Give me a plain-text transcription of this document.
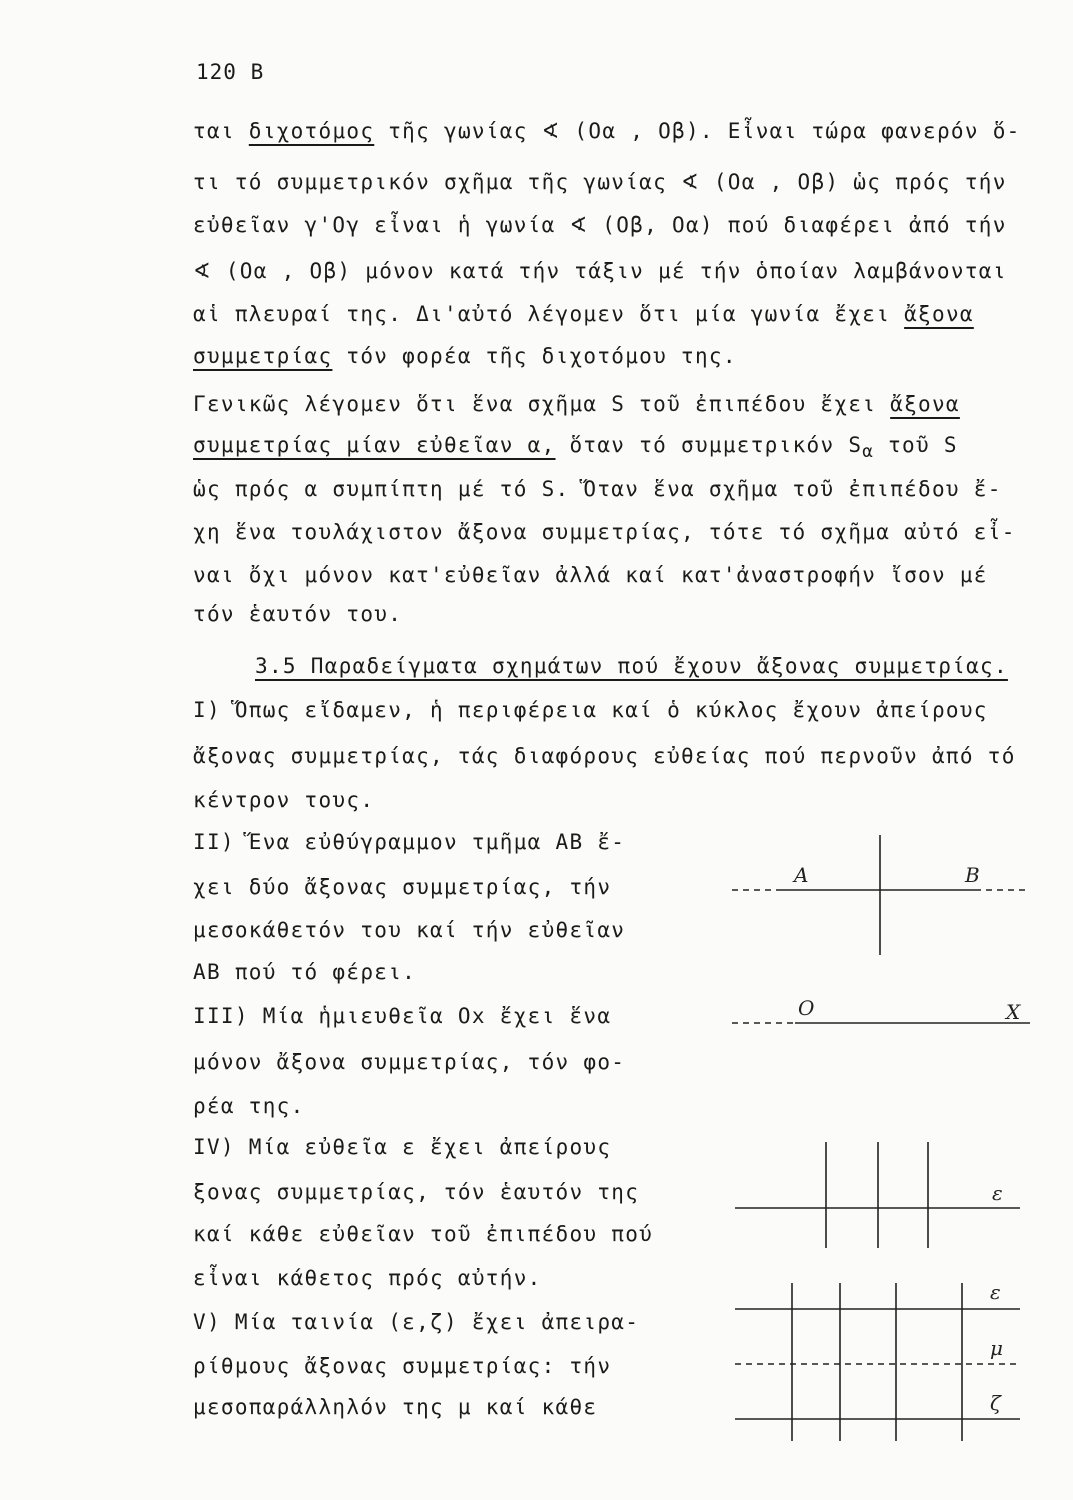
120 B
ται διχοτόμος τῆς γωνίας ∢ (Οα , Οβ). Εἶναι τώρα φανερόν ὅ-
τι τό συμμετρικόν σχῆμα τῆς γωνίας ∢ (Οα , Οβ) ὡς πρός τήν
εὐθεῖαν γ'Ογ εἶναι ἡ γωνία ∢ (Οβ, Οα) πού διαφέρει ἀπό τήν
∢ (Οα , Οβ) μόνον κατά τήν τάξιν μέ τήν ὁποίαν λαμβάνονται
αἱ πλευραί της. Δι'αὐτό λέγομεν ὅτι μία γωνία ἔχει ἄξονα
συμμετρίας τόν φορέα τῆς διχοτόμου της.
Γενικῶς λέγομεν ὅτι ἕνα σχῆμα S τοῦ ἐπιπέδου ἔχει ἄξονα
συμμετρίας μίαν εὐθεῖαν α, ὅταν τό συμμετρικόν $S_\alpha$ τοῦ S
ὡς πρός α συμπίπτη μέ τό S. Ὅταν ἕνα σχῆμα τοῦ ἐπιπέδου ἔ-
χη ἕνα τουλάχιστον ἄξονα συμμετρίας, τότε τό σχῆμα αὐτό εἶ-
ναι ὄχι μόνον κατ'εὐθεῖαν ἀλλά καί κατ'ἀναστροφήν ἴσον μέ
τόν ἑαυτόν του.
3.5 Παραδείγματα σχημάτων πού ἔχουν ἄξονας συμμετρίας.
Ι) Ὅπως εἴδαμεν, ἡ περιφέρεια καί ὁ κύκλος ἔχουν ἀπείρους
ἄξονας συμμετρίας, τάς διαφόρους εὐθείας πού περνοῦν ἀπό τό
κέντρον τους.
ΙΙ) Ἕνα εὐθύγραμμον τμῆμα ΑΒ ἔ-
χει δύο ἄξονας συμμετρίας, τήν
μεσοκάθετόν του καί τήν εὐθεῖαν
ΑΒ πού τό φέρει.
ΙΙΙ) Μία ἡμιευθεῖα Οx ἔχει ἕνα
μόνον ἄξονα συμμετρίας, τόν φο-
ρέα της.
ΙV) Μία εὐθεῖα ε ἔχει ἀπείρους
ξονας συμμετρίας, τόν ἑαυτόν της
καί κάθε εὐθεῖαν τοῦ ἐπιπέδου πού
εἶναι κάθετος πρός αὐτήν.
V) Μία ταινία (ε,ζ) ἔχει ἀπειρα-
ρίθμους ἄξονας συμμετρίας: τήν
μεσοπαράλληλόν της μ καί κάθε
A	B
O	X
ε
ε
μ
ζ
